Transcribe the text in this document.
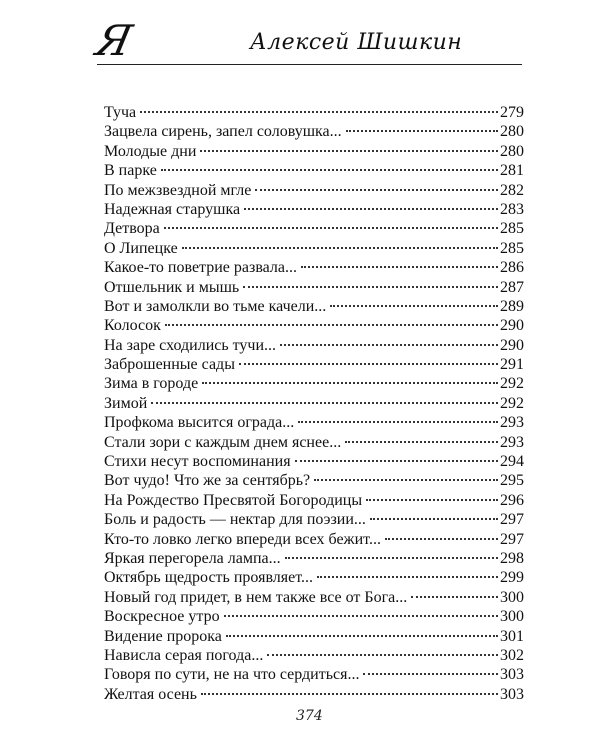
Я	Алексей Шишкин
Туча	279
Зацвела сирень, запел соловушка...	280
Молодые дни	280
В парке	281
По межзвездной мгле	282
Надежная старушка	283
Детвора	285
О Липецке	285
Какое-то поветрие развала...	286
Отшельник и мышь	287
Вот и замолкли во тьме качели...	289
Колосок	290
На заре сходились тучи...	290
Заброшенные сады	291
Зима в городе	292
Зимой	292
Профкома высится ограда...	293
Стали зори с каждым днем яснее...	293
Стихи несут воспоминания	294
Вот чудо! Что же за сентябрь?	295
На Рождество Пресвятой Богородицы	296
Боль и радость — нектар для поэзии...	297
Кто-то ловко легко впереди всех бежит...	297
Яркая перегорела лампа...	298
Октябрь щедрость проявляет...	299
Новый год придет, в нем также все от Бога...	300
Воскресное утро	300
Видение пророка	301
Нависла серая погода...	302
Говоря по сути, не на что сердиться...	303
Желтая осень	303
374
